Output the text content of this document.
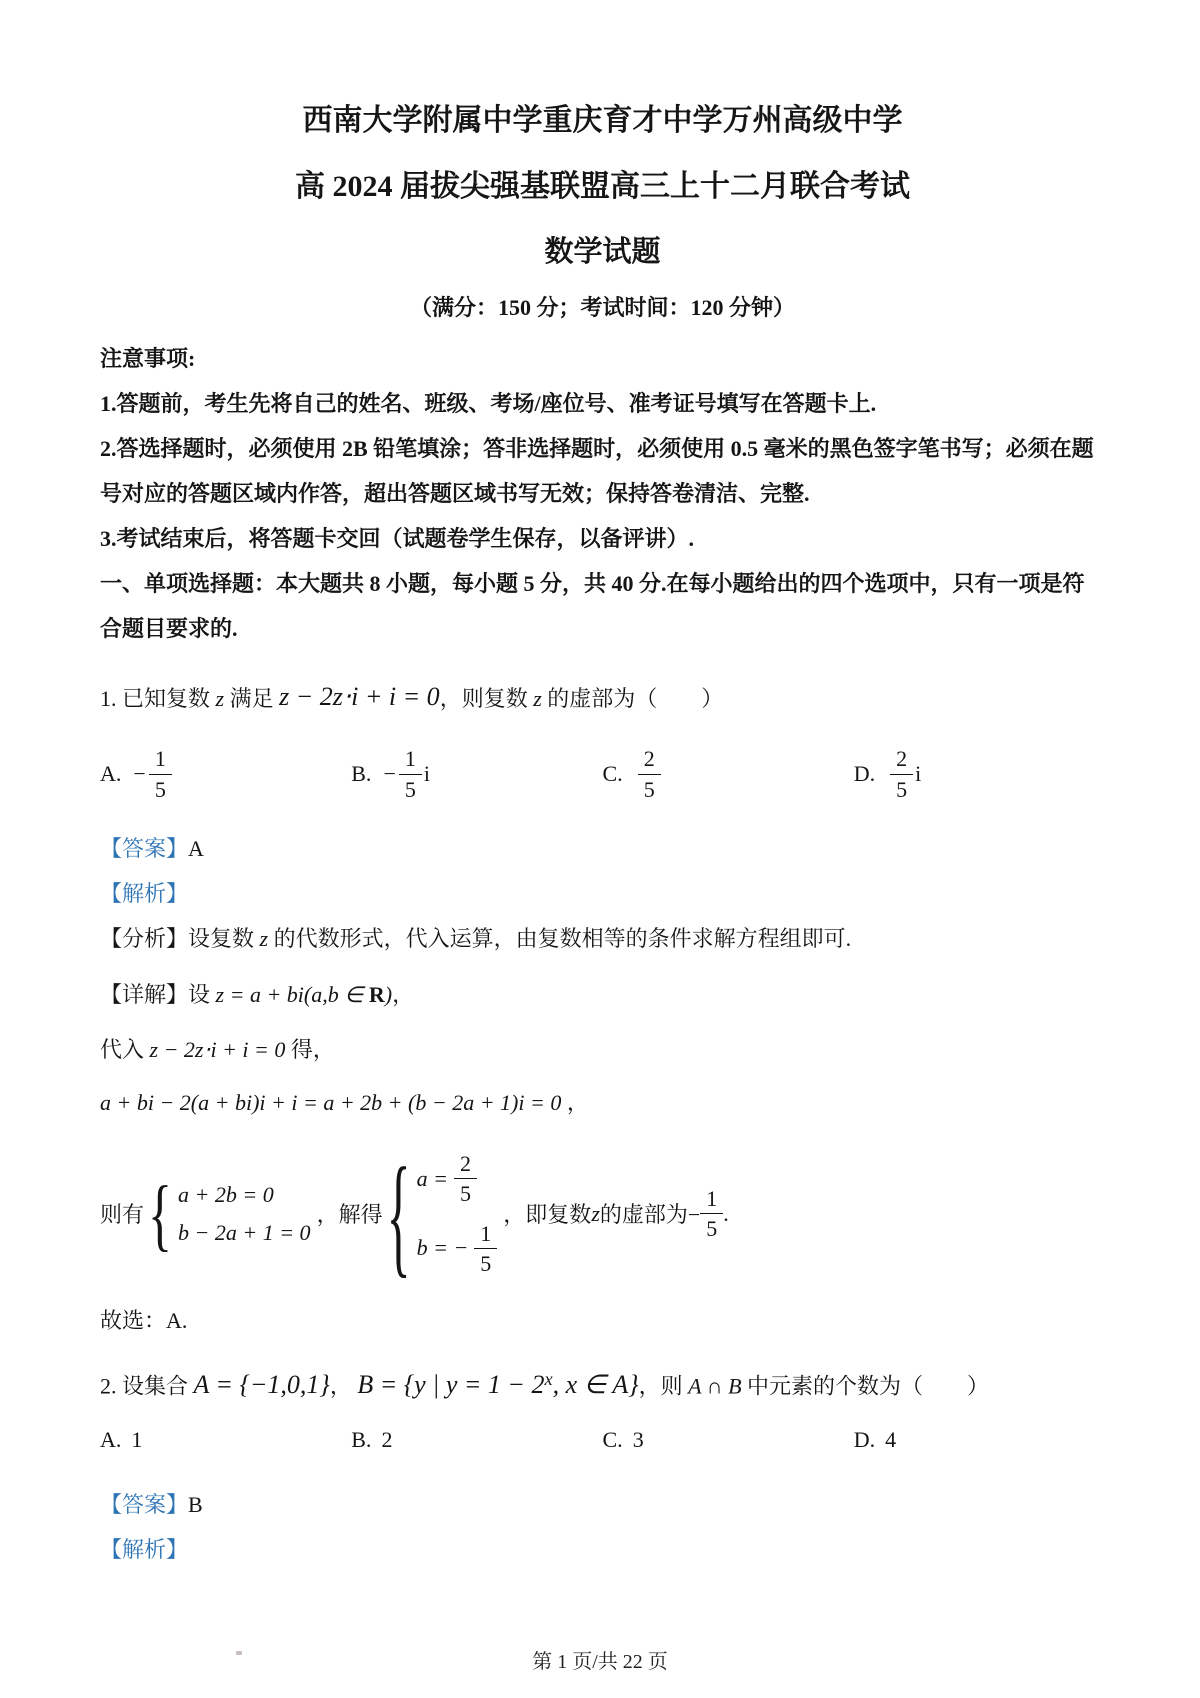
西南大学附属中学重庆育才中学万州高级中学
高 2024 届拔尖强基联盟高三上十二月联合考试
数学试题

（满分：150 分；考试时间：120 分钟）

注意事项:

1.答题前，考生先将自己的姓名、班级、考场/座位号、准考证号填写在答题卡上.

2.答选择题时，必须使用 2B 铅笔填涂；答非选择题时，必须使用 0.5 毫米的黑色签字笔书写；必须在题号对应的答题区域内作答，超出答题区域书写无效；保持答卷清洁、完整.

3.考试结束后，将答题卡交回（试题卷学生保存，以备评讲）.

一、单项选择题：本大题共 8 小题，每小题 5 分，共 40 分.在每小题给出的四个选项中，只有一项是符合题目要求的.

1. 已知复数 z 满足 z − 2z⋅i + i = 0，则复数 z 的虚部为（　　）

A. − $\frac{1}{5}$	B. − $\frac{1}{5}$ i	C. $\frac{2}{5}$	D. $\frac{2}{5}$ i

【答案】A

【解析】

【分析】设复数 z 的代数形式，代入运算，由复数相等的条件求解方程组即可.

【详解】设 z = a + bi(a,b ∈ R)，

代入 z − 2z⋅i + i = 0 得，

a + bi − 2(a + bi)i + i = a + 2b + (b − 2a + 1)i = 0 ，

则有 { a + 2b = 0
b − 2a + 1 = 0
， 解得 { $a = \frac{2}{5}$
b = − $\frac{1}{5}$
，即复数 z 的虚部为− $\frac{1}{5}$ .

故选：A.

2. 设集合 A = {−1,0,1}， B = {y | $y = 1 - 2^x$, x ∈ A}，则 A ∩ B 中元素的个数为（　　）

A. 1	B. 2	C. 3	D. 4

【答案】B

【解析】

第 1 页/共 22 页
